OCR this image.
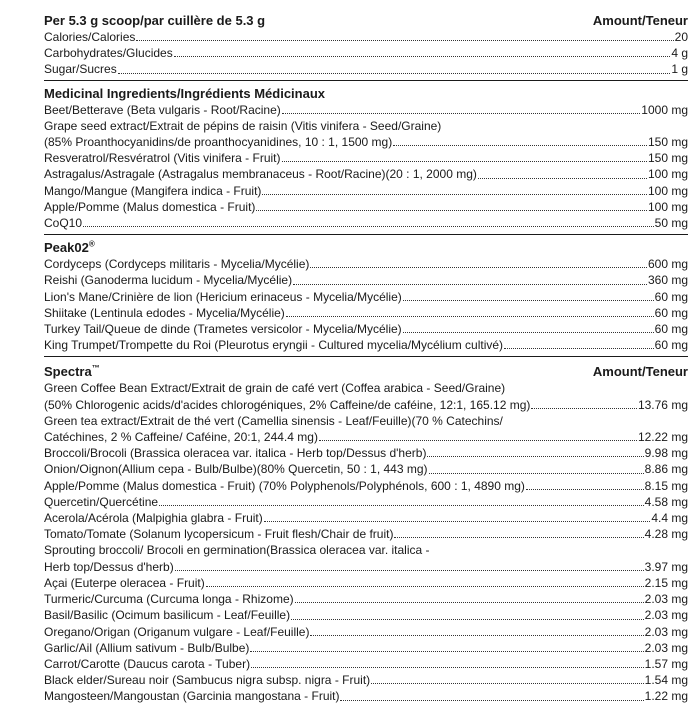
Per 5.3 g scoop/par cuillère de 5.3 g	Amount/Teneur
Calories/Calories	20
Carbohydrates/Glucides	4 g
Sugar/Sucres	1 g
Medicinal Ingredients/Ingrédients Médicinaux
Beet/Betterave (Beta vulgaris - Root/Racine)	1000 mg
Grape seed extract/Extrait de pépins de raisin (Vitis vinifera - Seed/Graine)
(85% Proanthocyanidins/de proanthocyanidines, 10 : 1, 1500 mg)	150 mg
Resveratrol/Resvératrol (Vitis vinifera - Fruit)	150 mg
Astragalus/Astragale (Astragalus membranaceus - Root/Racine)(20 : 1, 2000 mg)	100 mg
Mango/Mangue (Mangifera indica - Fruit)	100 mg
Apple/Pomme (Malus domestica - Fruit)	100 mg
CoQ10	50 mg
Peak02®
Cordyceps (Cordyceps militaris - Mycelia/Mycélie)	600 mg
Reishi (Ganoderma lucidum - Mycelia/Mycélie)	360 mg
Lion's Mane/Crinière de lion (Hericium erinaceus - Mycelia/Mycélie)	60 mg
Shiitake (Lentinula edodes - Mycelia/Mycélie)	60 mg
Turkey Tail/Queue de dinde (Trametes versicolor - Mycelia/Mycélie)	60 mg
King Trumpet/Trompette du Roi (Pleurotus eryngii - Cultured mycelia/Mycélium cultivé)	60 mg
Spectra™	Amount/Teneur
Green Coffee Bean Extract/Extrait de grain de café vert (Coffea arabica - Seed/Graine)
(50% Chlorogenic acids/d'acides chlorogéniques, 2% Caffeine/de caféine, 12:1, 165.12 mg)	13.76 mg
Green tea extract/Extrait de thé vert (Camellia sinensis - Leaf/Feuille)(70 % Catechins/
Catéchines, 2 % Caffeine/ Caféine, 20:1, 244.4 mg)	12.22 mg
Broccoli/Brocoli (Brassica oleracea var. italica - Herb top/Dessus d'herb)	9.98 mg
Onion/Oignon(Allium cepa - Bulb/Bulbe)(80% Quercetin, 50 : 1, 443 mg)	8.86 mg
Apple/Pomme (Malus domestica - Fruit) (70% Polyphenols/Polyphénols, 600 : 1, 4890 mg)	8.15 mg
Quercetin/Quercétine	4.58 mg
Acerola/Acérola (Malpighia glabra - Fruit)	4.4 mg
Tomato/Tomate (Solanum lycopersicum - Fruit flesh/Chair de fruit)	4.28 mg
Sprouting broccoli/ Brocoli en germination(Brassica oleracea var. italica -
Herb top/Dessus d'herb)	3.97 mg
Açai (Euterpe oleracea - Fruit)	2.15 mg
Turmeric/Curcuma (Curcuma longa - Rhizome)	2.03 mg
Basil/Basilic (Ocimum basilicum - Leaf/Feuille)	2.03 mg
Oregano/Origan (Origanum vulgare - Leaf/Feuille)	2.03 mg
Garlic/Ail (Allium sativum - Bulb/Bulbe)	2.03 mg
Carrot/Carotte (Daucus carota - Tuber)	1.57 mg
Black elder/Sureau noir (Sambucus nigra subsp. nigra - Fruit)	1.54 mg
Mangosteen/Mangoustan (Garcinia mangostana - Fruit)	1.22 mg
